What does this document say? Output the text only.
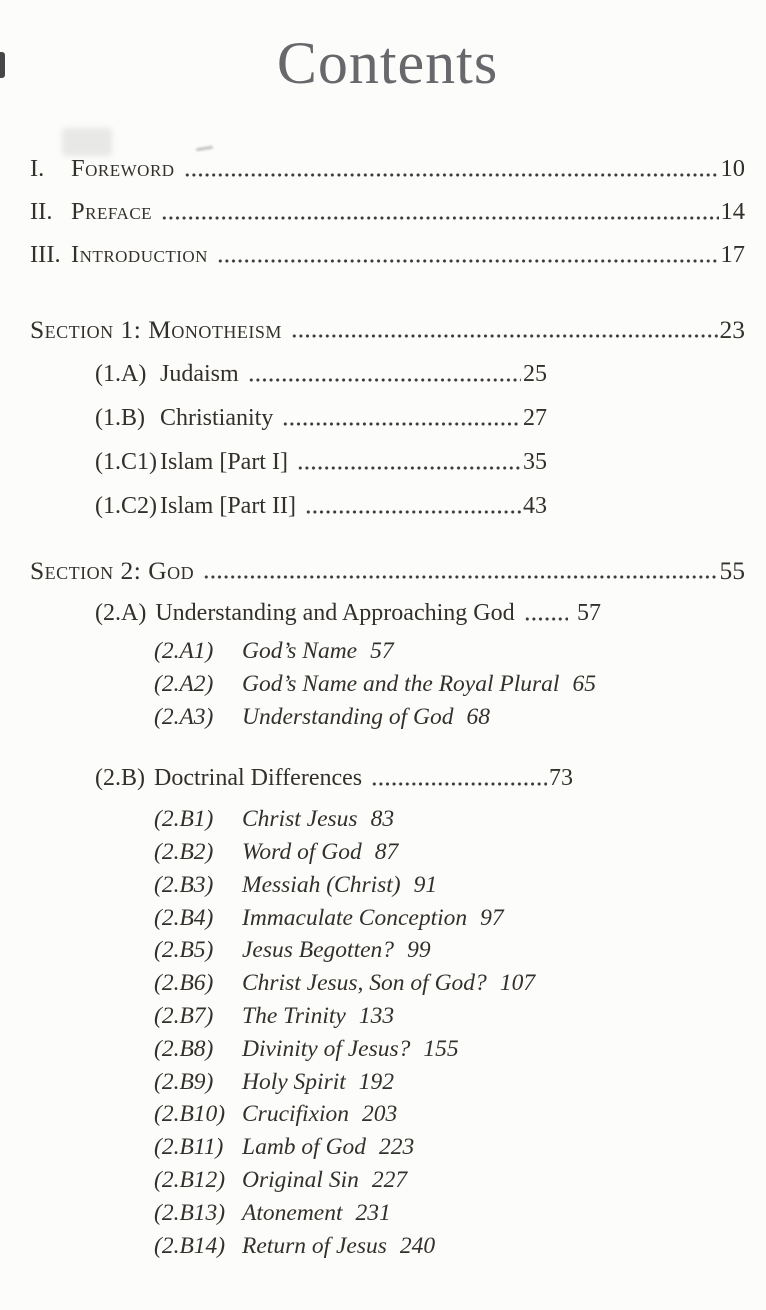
Contents
I.	Foreword	10
II. Preface	14
III. Introduction	17
Section 1: Monotheism	23
(1.A) Judaism	25
(1.B) Christianity	27
(1.C1) Islam [Part I]	35
(1.C2) Islam [Part II]	43
Section 2: God	55
(2.A) Understanding and Approaching God	57
(2.A1)	God’s Name 57
(2.A2)	God’s Name and the Royal Plural 65
(2.A3)	Understanding of God 68
(2.B) Doctrinal Differences	73
(2.B1)	Christ Jesus 83
(2.B2)	Word of God 87
(2.B3)	Messiah (Christ) 91
(2.B4)	Immaculate Conception 97
(2.B5)	Jesus Begotten? 99
(2.B6)	Christ Jesus, Son of God? 107
(2.B7)	The Trinity 133
(2.B8)	Divinity of Jesus? 155
(2.B9)	Holy Spirit 192
(2.B10) Crucifixion 203
(2.B11) Lamb of God 223
(2.B12) Original Sin 227
(2.B13) Atonement 231
(2.B14) Return of Jesus 240
